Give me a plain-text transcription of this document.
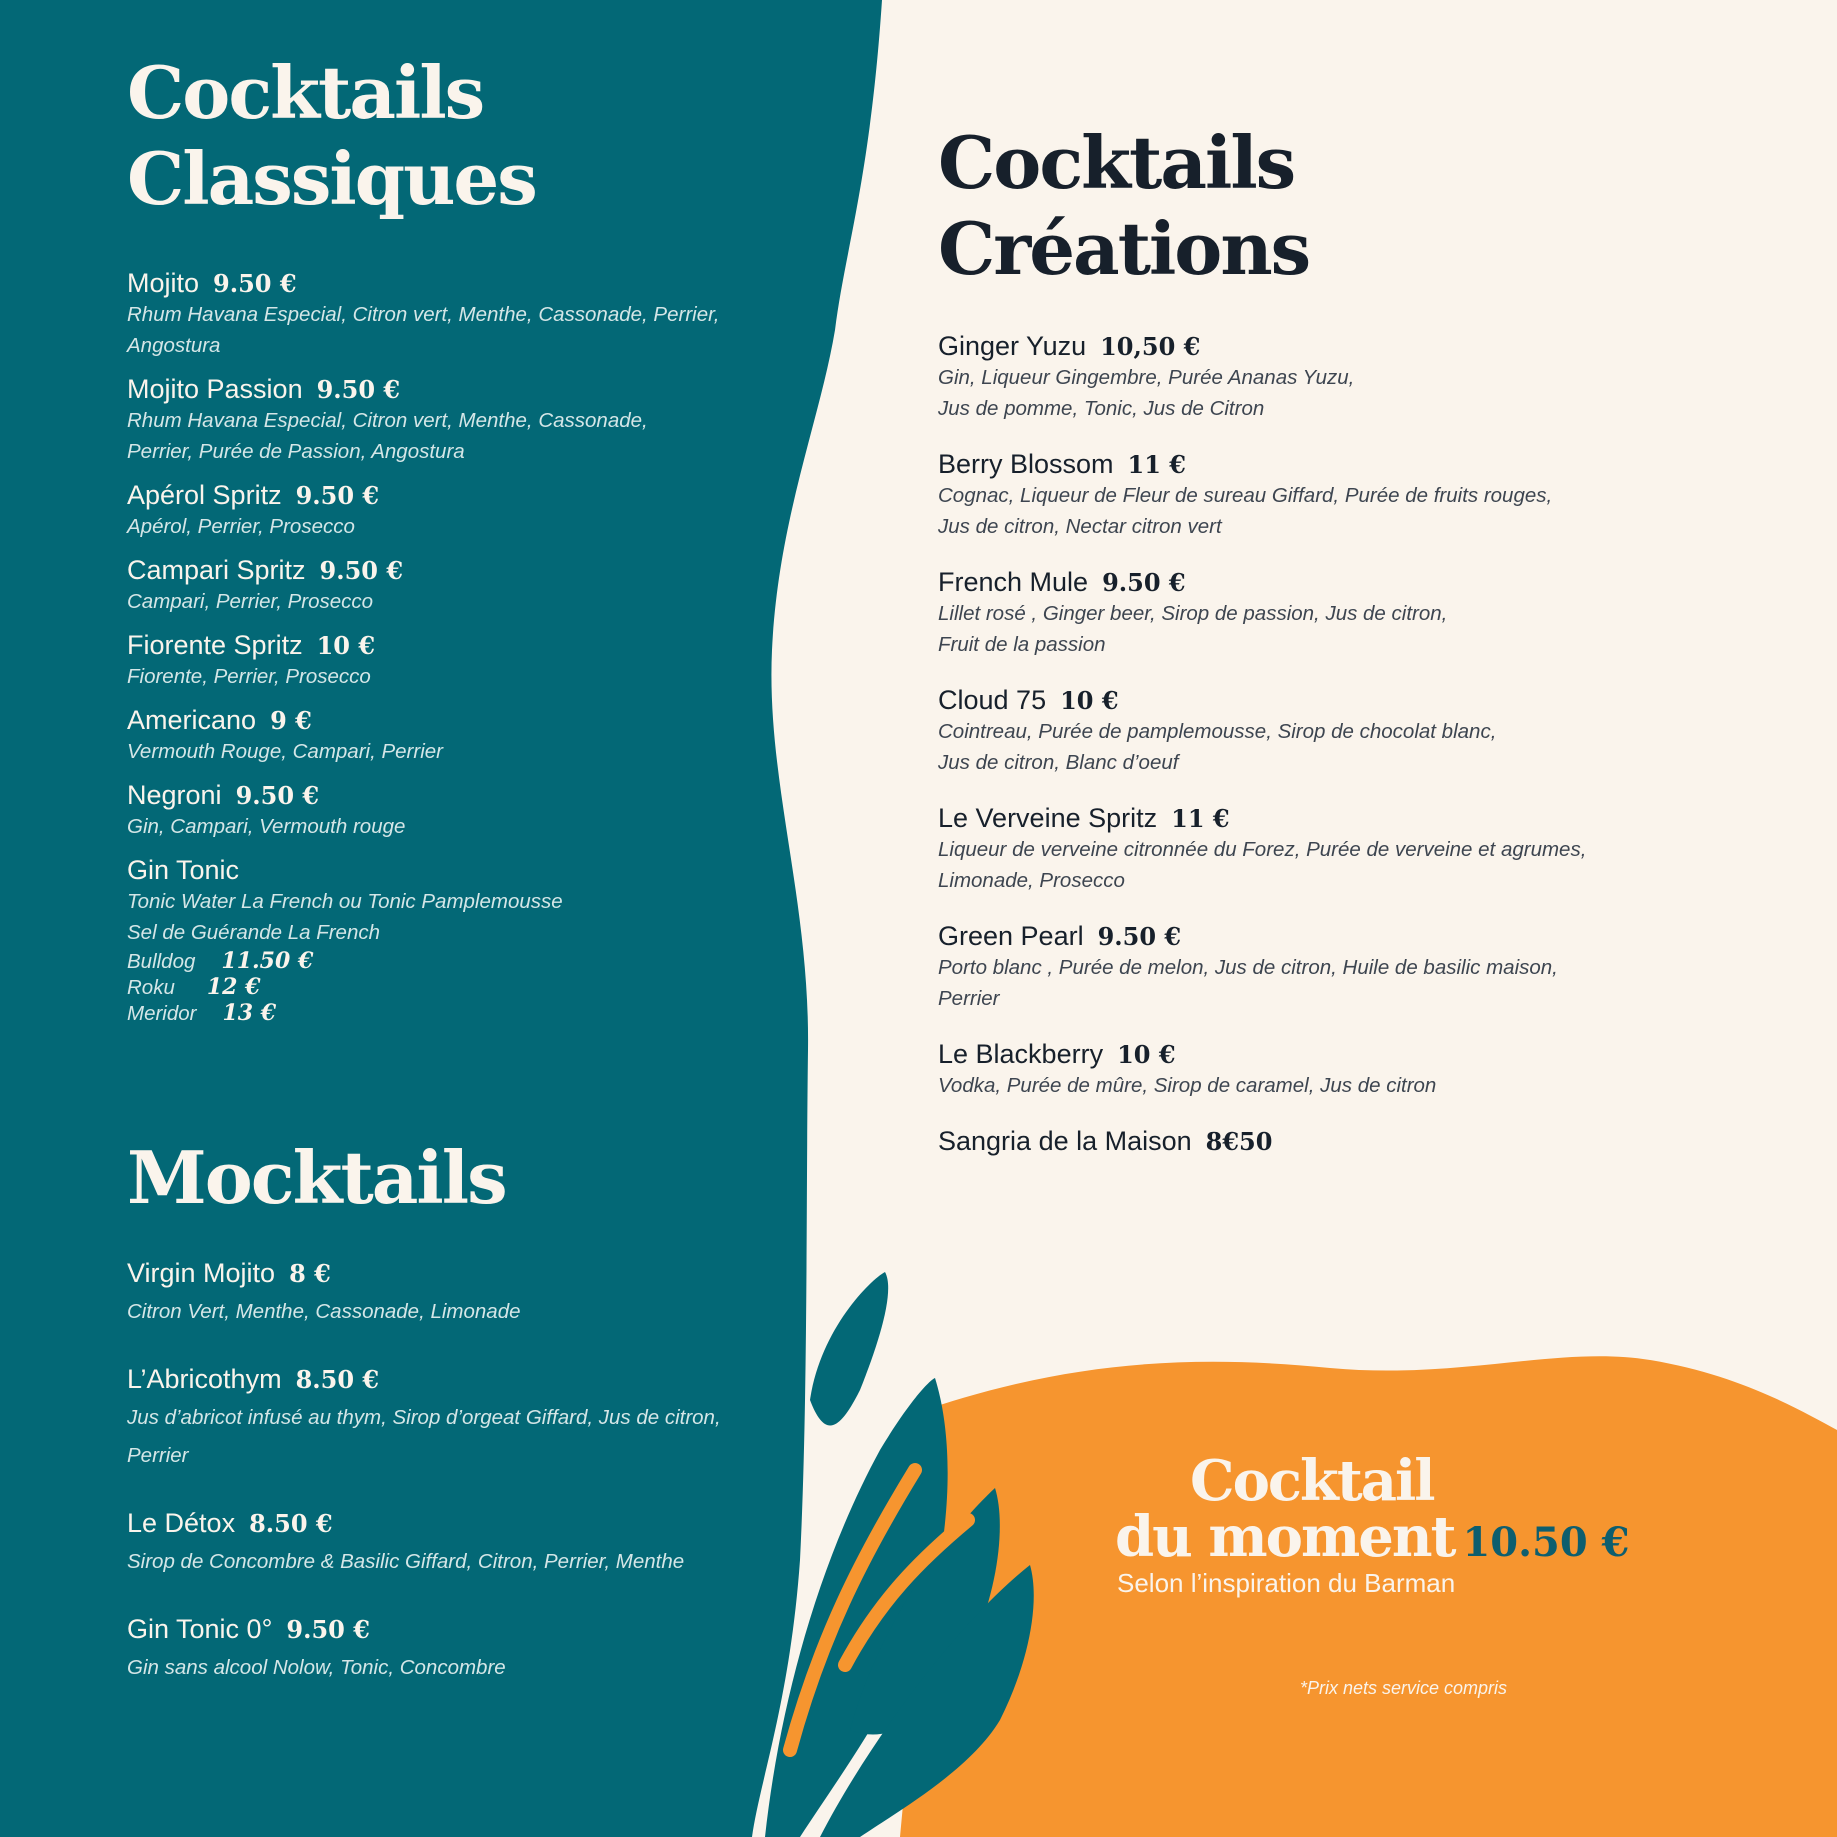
Cocktails
Classiques
Mojito 9.50 €
Rhum Havana Especial, Citron vert, Menthe, Cassonade, Perrier,
Angostura
Mojito Passion 9.50 €
Rhum Havana Especial, Citron vert, Menthe, Cassonade,
Perrier, Purée de Passion, Angostura
Apérol Spritz 9.50 €
Apérol, Perrier, Prosecco
Campari Spritz 9.50 €
Campari, Perrier, Prosecco
Fiorente Spritz 10 €
Fiorente, Perrier, Prosecco
Americano 9 €
Vermouth Rouge, Campari, Perrier
Negroni 9.50 €
Gin, Campari, Vermouth rouge
Gin Tonic
Tonic Water La French ou Tonic Pamplemousse
Sel de Guérande La French
Bulldog 11.50 €
Roku 12 €
Meridor 13 €
Mocktails
Virgin Mojito 8 €
Citron Vert, Menthe, Cassonade, Limonade
L’Abricothym 8.50 €
Jus d’abricot infusé au thym, Sirop d’orgeat Giffard, Jus de citron,
Perrier
Le Détox 8.50 €
Sirop de Concombre & Basilic Giffard, Citron, Perrier, Menthe
Gin Tonic 0° 9.50 €
Gin sans alcool Nolow, Tonic, Concombre
Cocktails
Créations
Ginger Yuzu 10,50 €
Gin, Liqueur Gingembre, Purée Ananas Yuzu,
Jus de pomme, Tonic, Jus de Citron
Berry Blossom 11 €
Cognac, Liqueur de Fleur de sureau Giffard, Purée de fruits rouges,
Jus de citron, Nectar citron vert
French Mule 9.50 €
Lillet rosé , Ginger beer, Sirop de passion, Jus de citron,
Fruit de la passion
Cloud 75 10 €
Cointreau, Purée de pamplemousse, Sirop de chocolat blanc,
Jus de citron, Blanc d’oeuf
Le Verveine Spritz 11 €
Liqueur de verveine citronnée du Forez, Purée de verveine et agrumes,
Limonade, Prosecco
Green Pearl 9.50 €
Porto blanc , Purée de melon, Jus de citron, Huile de basilic maison,
Perrier
Le Blackberry 10 €
Vodka, Purée de mûre, Sirop de caramel, Jus de citron
Sangria de la Maison 8€50
Cocktail
du moment 10.50 €
Selon l’inspiration du Barman
*Prix nets service compris
